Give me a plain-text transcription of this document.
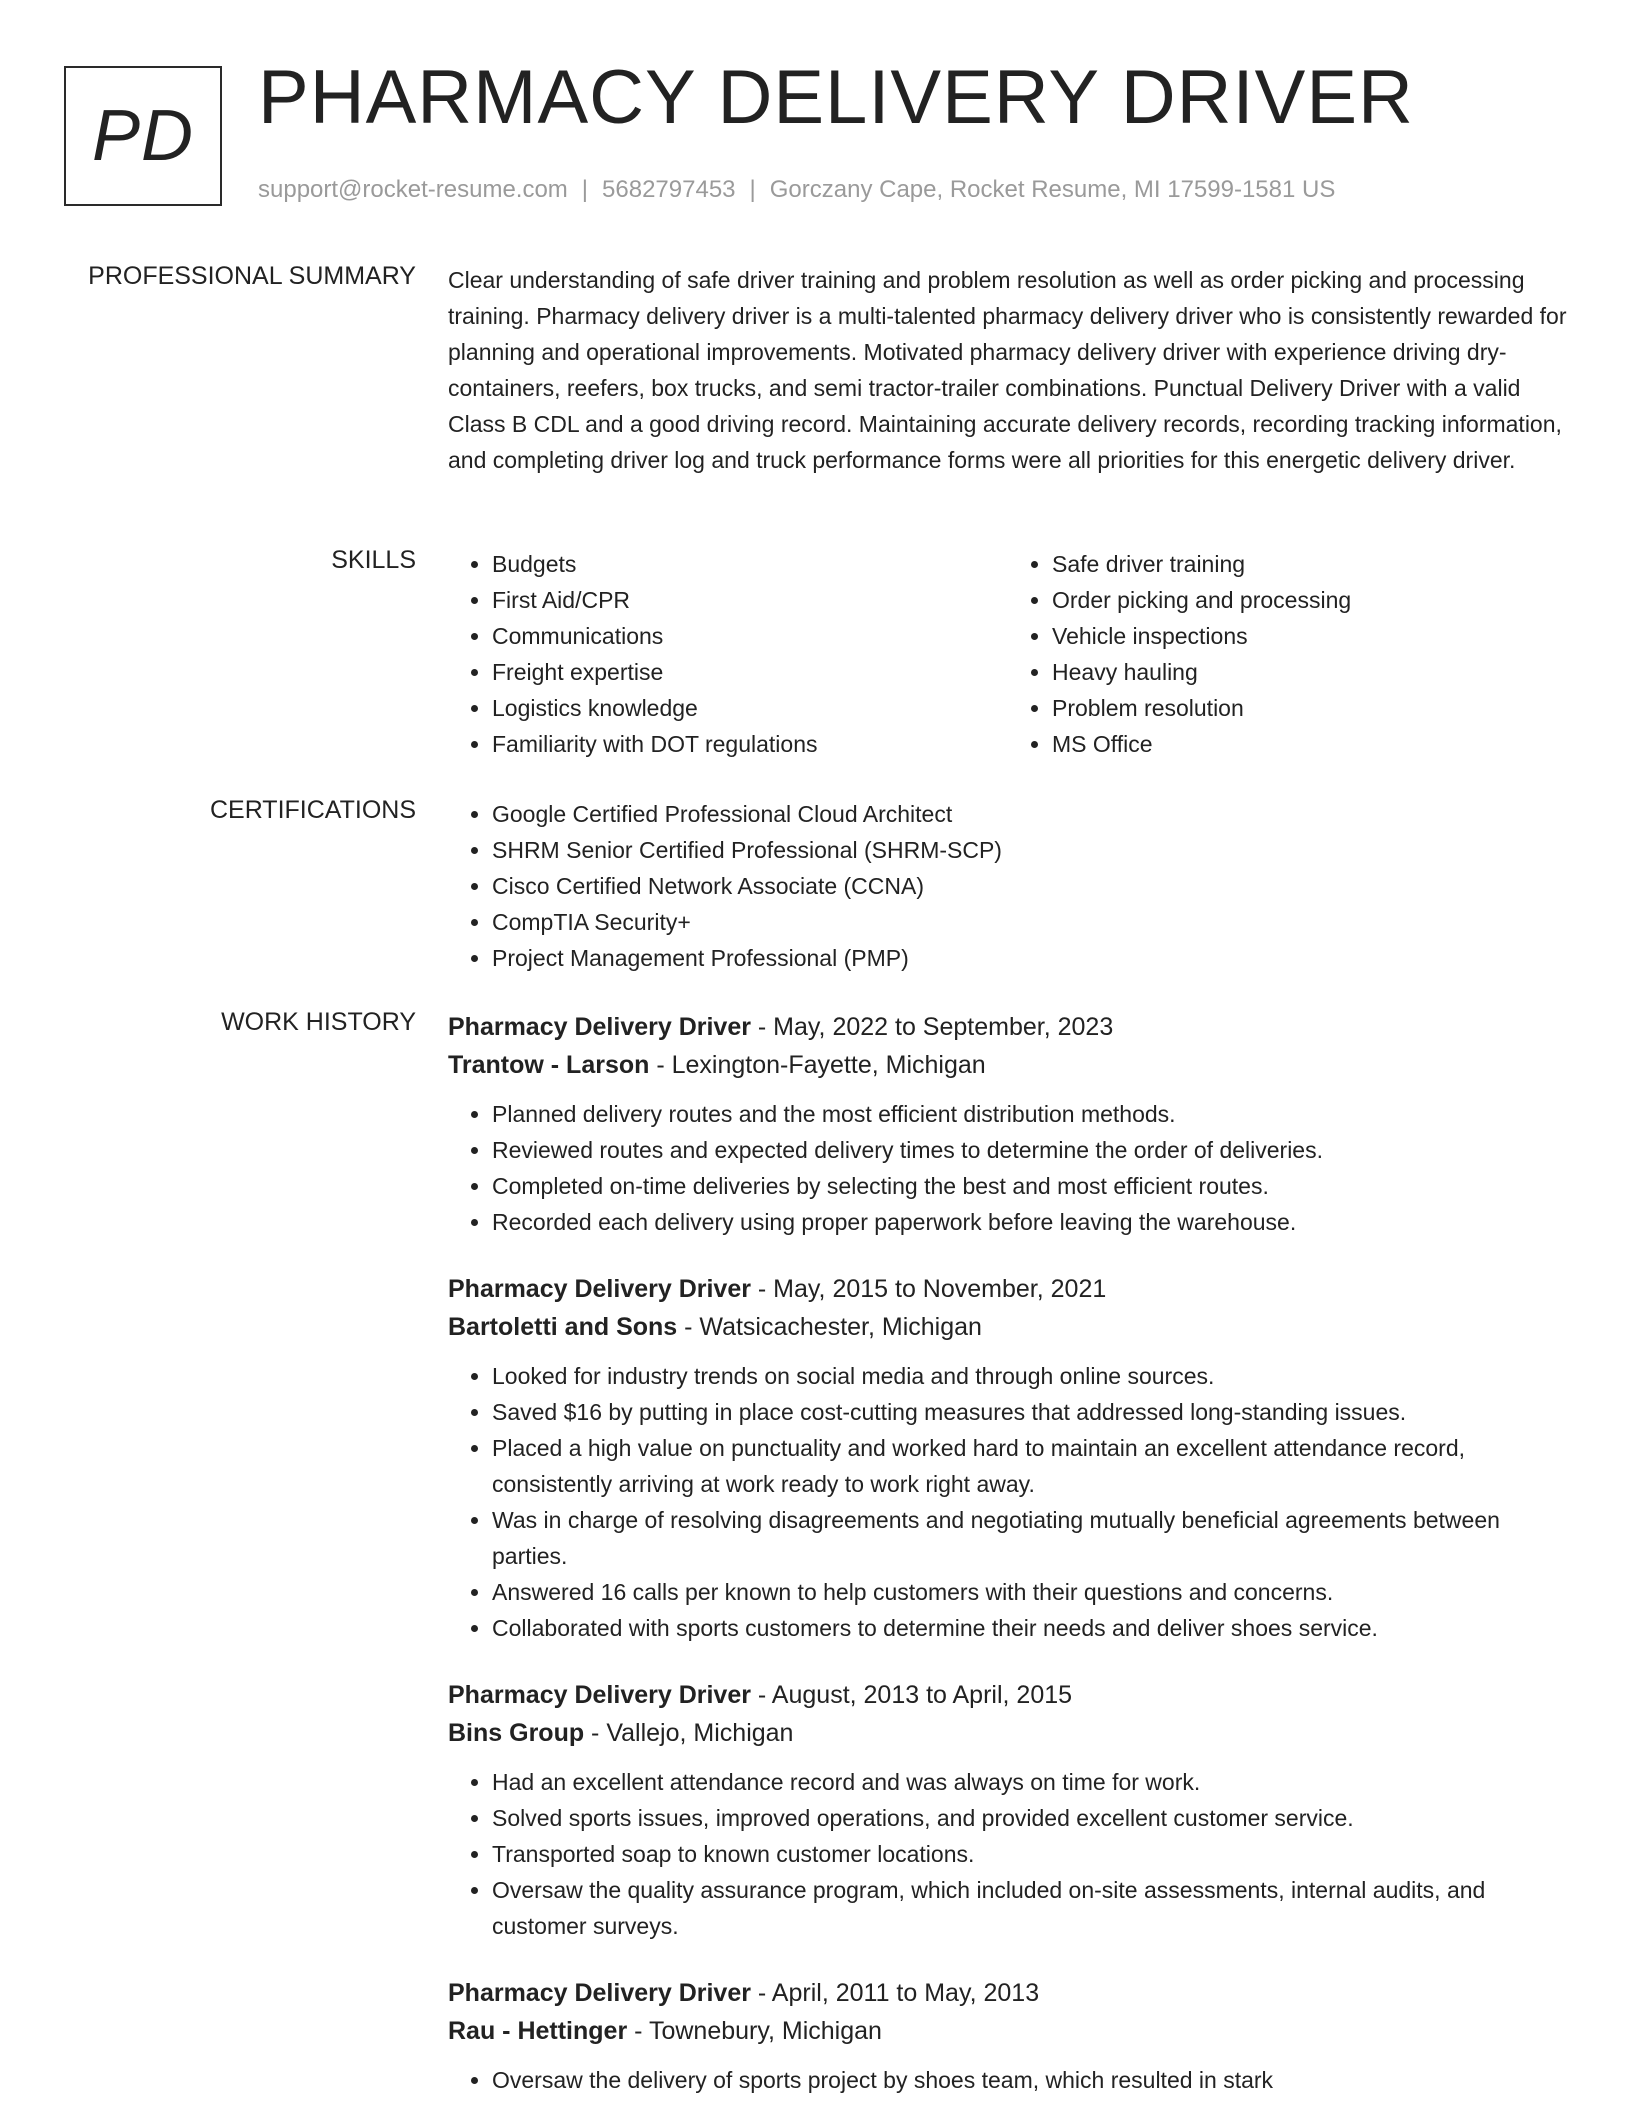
PD PHARMACY DELIVERY DRIVER
support@rocket-resume.com | 5682797453 | Gorczany Cape, Rocket Resume, MI 17599-1581 US
PROFESSIONAL SUMMARY Clear understanding of safe driver training and problem resolution as well as order picking and processing training. Pharmacy delivery driver is a multi-talented pharmacy delivery driver who is consistently rewarded for planning and operational improvements. Motivated pharmacy delivery driver with experience driving dry-containers, reefers, box trucks, and semi tractor-trailer combinations. Punctual Delivery Driver with a valid Class B CDL and a good driving record. Maintaining accurate delivery records, recording tracking information, and completing driver log and truck performance forms were all priorities for this energetic delivery driver.

SKILLS	• Budgets
• First Aid/CPR
• Communications
• Freight expertise
• Logistics knowledge
• Familiarity with DOT regulations
• Safe driver training
• Order picking and processing
• Vehicle inspections
• Heavy hauling
• Problem resolution
• MS Office
CERTIFICATIONS	• Google Certified Professional Cloud Architect
• SHRM Senior Certified Professional (SHRM-SCP)
• Cisco Certified Network Associate (CCNA)
• CompTIA Security+
• Project Management Professional (PMP)
WORK HISTORY Pharmacy Delivery Driver - May, 2022 to September, 2023
Trantow - Larson - Lexington-Fayette, Michigan
• Planned delivery routes and the most efficient distribution methods.
• Reviewed routes and expected delivery times to determine the order of deliveries.
• Completed on-time deliveries by selecting the best and most efficient routes.
• Recorded each delivery using proper paperwork before leaving the warehouse.
Pharmacy Delivery Driver - May, 2015 to November, 2021
Bartoletti and Sons - Watsicachester, Michigan
• Looked for industry trends on social media and through online sources.
• Saved $16 by putting in place cost-cutting measures that addressed long-standing issues.
• Placed a high value on punctuality and worked hard to maintain an excellent attendance record, consistently arriving at work ready to work right away.
• Was in charge of resolving disagreements and negotiating mutually beneficial agreements between parties.
• Answered 16 calls per known to help customers with their questions and concerns.
• Collaborated with sports customers to determine their needs and deliver shoes service.
Pharmacy Delivery Driver - August, 2013 to April, 2015
Bins Group - Vallejo, Michigan
• Had an excellent attendance record and was always on time for work.
• Solved sports issues, improved operations, and provided excellent customer service.
• Transported soap to known customer locations.
• Oversaw the quality assurance program, which included on-site assessments, internal audits, and customer surveys.
Pharmacy Delivery Driver - April, 2011 to May, 2013
Rau - Hettinger - Townebury, Michigan
• Oversaw the delivery of sports project by shoes team, which resulted in stark
